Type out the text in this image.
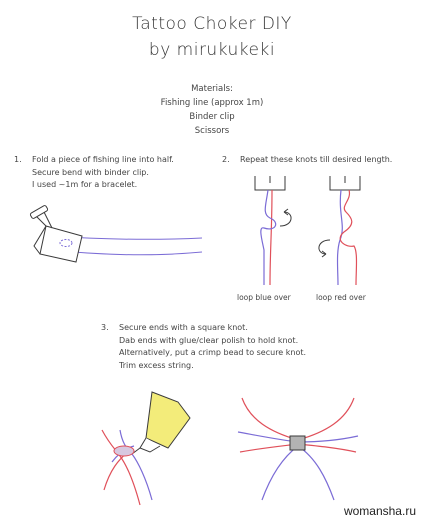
Tattoo Choker DIY
by mirukukeki
Materials:
Fishing line (approx 1m)
Binder clip
Scissors
1. Fold a piece of fishing line into half.
Secure bend with binder clip.
I used ~1m for a bracelet.
2. Repeat these knots till desired length.
loop blue over	loop red over
3. Secure ends with a square knot.
Dab ends with glue/clear polish to hold knot.
Alternatively, put a crimp bead to secure knot.
Trim excess string.
womansha.ru
